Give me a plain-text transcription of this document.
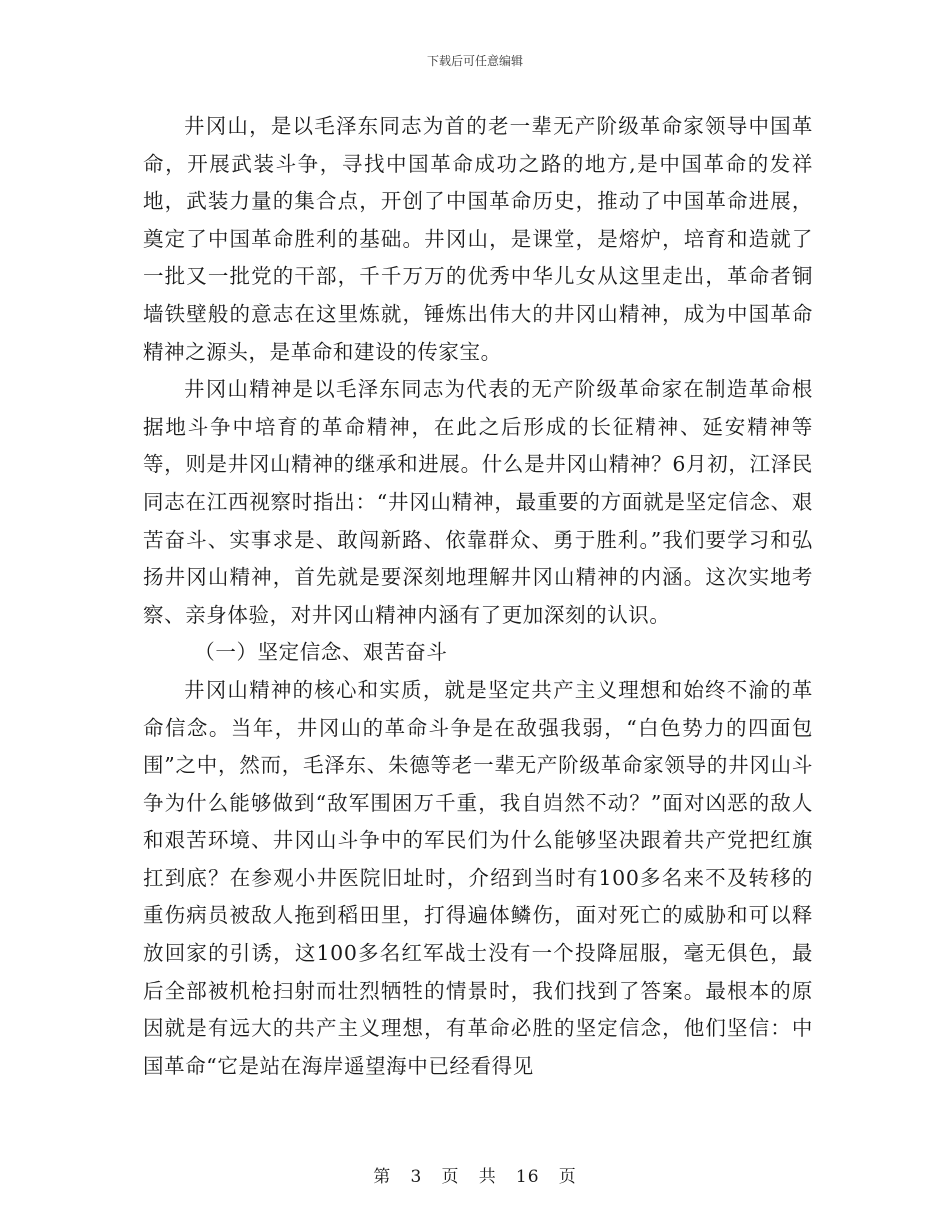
下载后可任意编辑

井冈山，是以毛泽东同志为首的老一辈无产阶级革命家领导中国革命，开展武装斗争，寻找中国革命成功之路的地方,是中国革命的发祥地，武装力量的集合点，开创了中国革命历史，推动了中国革命进展，奠定了中国革命胜利的基础。井冈山，是课堂，是熔炉，培育和造就了一批又一批党的干部，千千万万的优秀中华儿女从这里走出，革命者铜墙铁壁般的意志在这里炼就，锤炼出伟大的井冈山精神，成为中国革命精神之源头，是革命和建设的传家宝。

井冈山精神是以毛泽东同志为代表的无产阶级革命家在制造革命根据地斗争中培育的革命精神，在此之后形成的长征精神、延安精神等等，则是井冈山精神的继承和进展。什么是井冈山精神？6月初，江泽民同志在江西视察时指出：“井冈山精神，最重要的方面就是坚定信念、艰苦奋斗、实事求是、敢闯新路、依靠群众、勇于胜利。”我们要学习和弘扬井冈山精神，首先就是要深刻地理解井冈山精神的内涵。这次实地考察、亲身体验，对井冈山精神内涵有了更加深刻的认识。

（一）坚定信念、艰苦奋斗

井冈山精神的核心和实质，就是坚定共产主义理想和始终不渝的革命信念。当年，井冈山的革命斗争是在敌强我弱，“白色势力的四面包围”之中，然而，毛泽东、朱德等老一辈无产阶级革命家领导的井冈山斗争为什么能够做到“敌军围困万千重，我自岿然不动？”面对凶恶的敌人和艰苦环境、井冈山斗争中的军民们为什么能够坚决跟着共产党把红旗扛到底？在参观小井医院旧址时，介绍到当时有100多名来不及转移的重伤病员被敌人拖到稻田里，打得遍体鳞伤，面对死亡的威胁和可以释放回家的引诱，这100多名红军战士没有一个投降屈服，毫无俱色，最后全部被机枪扫射而壮烈牺牲的情景时，我们找到了答案。最根本的原因就是有远大的共产主义理想，有革命必胜的坚定信念，他们坚信：中国革命“它是站在海岸遥望海中已经看得见

第 3 页 共 16 页
